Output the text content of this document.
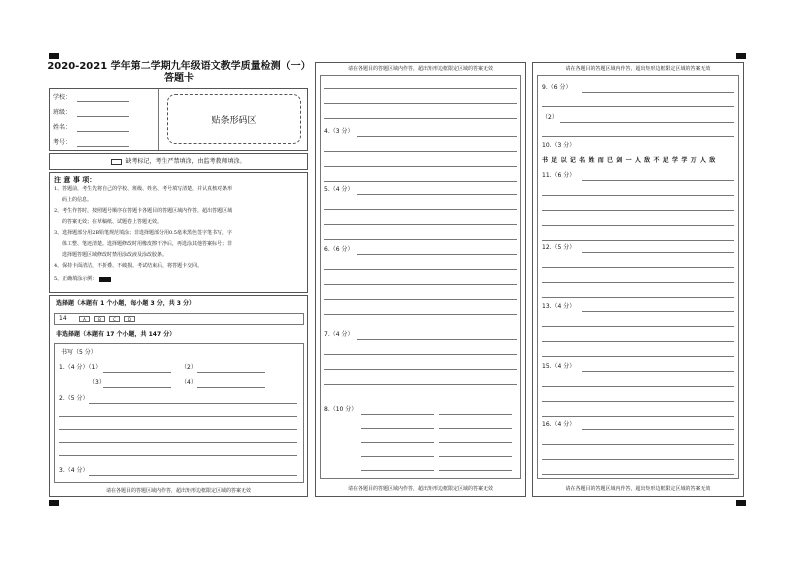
2020-2021 学年第二学期九年级语文教学质量检测（一）
答题卡
学校：
班级：
姓名：
考号：
贴条形码区
缺考标记，考生严禁填涂，由监考教师填涂。
注 意 事 项：
1、答题前，考生先将自己的学校、班级、姓名、考号填写清楚，并认真核对条形
码上的信息。
2、考生作答时，按照题号顺序在答题卡各题目的答题区域内作答，超出答题区域
的答案无效；在草稿纸、试题卷上答题无效。
3、选择题部分用2B铅笔规范填涂；非选择题部分用0.5毫米黑色签字笔书写，字
体工整、笔迹清楚。选择题修改时用橡皮擦干净后，再选涂其他答案标号；非
选择题答题区域修改时禁用涂改液及涂改胶条。
4、保持卡面清洁，不折叠、不破损。考试结束后，将答题卡交回。
5、正确填涂示例：
选择题（本题有 1 个小题，每小题 3 分，共 3 分）
14	A	B	C	D
非选择题（本题有 17 个小题，共 147 分）
书写（5 分）
1.（4 分）（1）	（2）
（3）	（4）
2.（5 分）
3.（4 分）
请在各题目的答题区域内作答，超出矩形边框限定区域的答案无效
请在各题目的答题区域内作答，超出矩形边框限定区域的答案无效
4.（3 分）
5.（4 分）
6.（6 分）
7.（4 分）
8.（10 分）
请在各题目的答题区域内作答，超出矩形边框限定区域的答案无效
请在各题目的答题区域内作答，超出矩形边框限定区域的答案无效
9.（6 分）
（2）
10.（3 分）
书 足 以 记 名 姓 而 已 剑 一 人 敌 不 足 学 学 万 人 敌
11.（6 分）
12.（5 分）
13.（4 分）
15.（4 分）
16.（4 分）
请在各题目的答题区域内作答，超出矩形边框限定区域的答案无效
